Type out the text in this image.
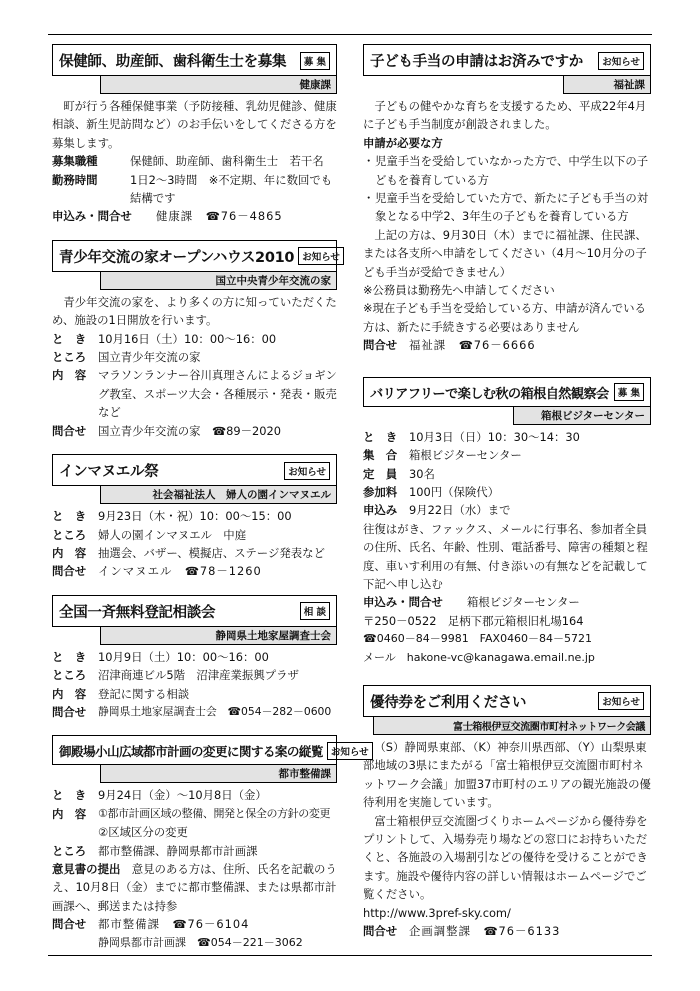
保健師、助産師、歯科衛生士を募集	募 集
健康課

町が行う各種保健事業（予防接種、乳幼児健診、健康相談、新生児訪問など）のお手伝いをしてくださる方を募集します。

募集職種	保健師、助産師、歯科衛生士　若干名
勤務時間	1日2～3時間　※不定期、年に数回でも
結構です
申込み・問合せ	健康課　☎76－4865
青少年交流の家オープンハウス2010 お知らせ
国立中央青少年交流の家

青少年交流の家を、より多くの方に知っていただくため、施設の1日開放を行います。

と　き	10月16日（土）10：00～16：00
ところ	国立青少年交流の家
内　容	マラソンランナー谷川真理さんによるジョギング教室、スポーツ大会・各種展示・発表・販売など
問合せ	国立青少年交流の家　☎89－2020
インマヌエル祭	お知らせ
社会福祉法人　婦人の園インマヌエル
と　き	9月23日（木・祝）10：00～15：00
ところ	婦人の園インマヌエル　中庭
内　容	抽選会、バザー、模擬店、ステージ発表など
問合せ	インマヌエル　☎78－1260
全国一斉無料登記相談会	相 談
静岡県土地家屋調査士会
と　き	10月9日（土）10：00～16：00
ところ	沼津商連ビル5階　沼津産業振興プラザ
内　容	登記に関する相談
問合せ	静岡県土地家屋調査士会　☎054－282－0600
御殿場小山広域都市計画の変更に関する案の縦覧 お知らせ
都市整備課
と　き	9月24日（金）～10月8日（金）
内　容	①都市計画区域の整備、開発と保全の方針の変更
②区域区分の変更
ところ	都市整備課、静岡県都市計画課

意見書の提出　 意見のある方は、住所、氏名を記載のうえ、10月8日（金）までに都市整備課、または県都市計画課へ、郵送または持参

問合せ	都市整備課　☎76－6104
静岡県都市計画課　☎054－221－3062
子ども手当の申請はお済みですか	お知らせ
福祉課

子どもの健やかな育ちを支援するため、平成22年4月に子ども手当制度が創設されました。

申請が必要な方

・ 児童手当を受給していなかった方で、中学生以下の子どもを養育している方
・ 児童手当を受給していた方で、新たに子ども手当の対象となる中学2、3年生の子どもを養育している方

上記の方は、9月30日（木）までに福祉課、住民課、または各支所へ申請をしてください（4月～10月分の子ども手当が受給できません）

※公務員は勤務先へ申請してください

※現在子ども手当を受給している方、申請が済んでいる方は、新たに手続きする必要はありません

問合せ	福祉課　☎76－6666
バリアフリーで楽しむ秋の箱根自然観察会 募 集
箱根ビジターセンター
と　き	10月3日（日）10：30～14：30
集　合	箱根ビジターセンター
定　員	30名
参加料	100円（保険代）
申込み	9月22日（水）まで

往復はがき、ファックス、メールに行事名、参加者全員の住所、氏名、年齢、性別、電話番号、障害の種類と程度、車いす利用の有無、付き添いの有無などを記載して下記へ申し込む

申込み・問合せ	箱根ビジターセンター

〒250－0522　足柄下郡元箱根旧札場164

☎0460－84－9981　FAX0460－84－5721

メール　hakone-vc@kanagawa.email.ne.jp

優待券をご利用ください	お知らせ
富士箱根伊豆交流圏市町村ネットワーク会議

（S）静岡県東部、（K）神奈川県西部、（Y）山梨県東部地域の3県にまたがる「富士箱根伊豆交流圏市町村ネットワーク会議」加盟37市町村のエリアの観光施設の優待利用を実施しています。

富士箱根伊豆交流圏づくりホームページから優待券をプリントして、入場券売り場などの窓口にお持ちいただくと、各施設の入場割引などの優待を受けることができます。施設や優待内容の詳しい情報はホームページでご覧ください。

http://www.3pref-sky.com/

問合せ	企画調整課　☎76－6133
